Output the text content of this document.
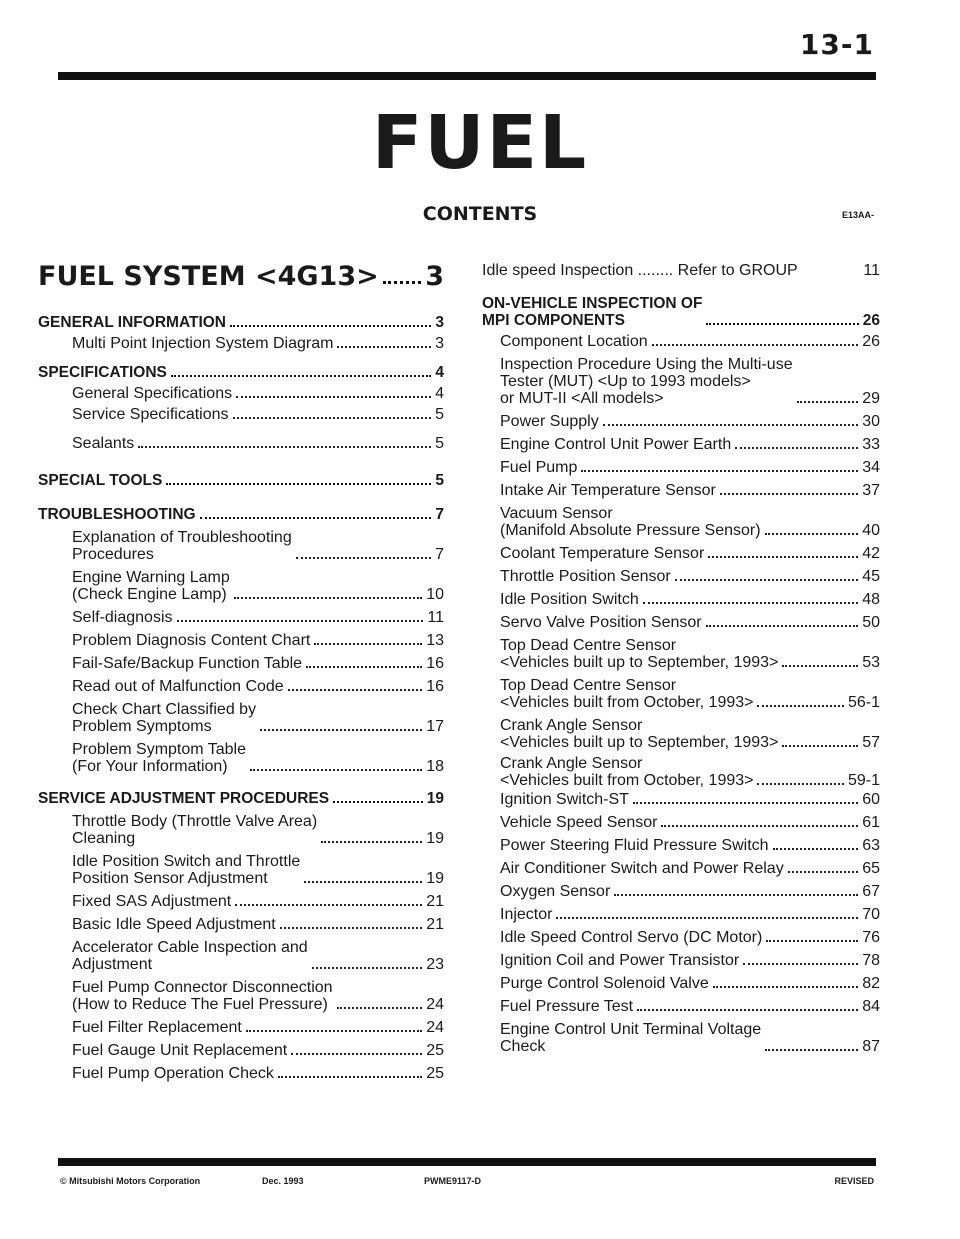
13-1
FUEL
CONTENTS	E13AA-
FUEL SYSTEM <4G13> 3
GENERAL INFORMATION	3
Multi Point Injection System Diagram	3
SPECIFICATIONS	4
General Specifications	4
Service Specifications	5
Sealants	5
SPECIAL TOOLS	5
TROUBLESHOOTING	7
Explanation of Troubleshooting
Procedures	7
Engine Warning Lamp
(Check Engine Lamp)	10
Self-diagnosis	11
Problem Diagnosis Content Chart	13
Fail-Safe/Backup Function Table	16
Read out of Malfunction Code	16
Check Chart Classified by
Problem Symptoms	17
Problem Symptom Table
(For Your Information)	18
SERVICE ADJUSTMENT PROCEDURES	19
Throttle Body (Throttle Valve Area)
Cleaning	19
Idle Position Switch and Throttle
Position Sensor Adjustment	19
Fixed SAS Adjustment	21
Basic Idle Speed Adjustment	21
Accelerator Cable Inspection and
Adjustment	23
Fuel Pump Connector Disconnection
(How to Reduce The Fuel Pressure)	24
Fuel Filter Replacement	24
Fuel Gauge Unit Replacement	25
Fuel Pump Operation Check	25
Idle speed Inspection ........ Refer to GROUP	11
ON-VEHICLE INSPECTION OF
MPI COMPONENTS	26
Component Location	26
Inspection Procedure Using the Multi-use
Tester (MUT) <Up to 1993 models>
or MUT-II <All models>	29
Power Supply	30
Engine Control Unit Power Earth	33
Fuel Pump	34
Intake Air Temperature Sensor	37
Vacuum Sensor
(Manifold Absolute Pressure Sensor)	40
Coolant Temperature Sensor	42
Throttle Position Sensor	45
Idle Position Switch	48
Servo Valve Position Sensor	50
Top Dead Centre Sensor
<Vehicles built up to September, 1993>	53
Top Dead Centre Sensor
<Vehicles built from October, 1993>	56-1
Crank Angle Sensor
<Vehicles built up to September, 1993>	57
Crank Angle Sensor
<Vehicles built from October, 1993>	59-1
Ignition Switch-ST	60
Vehicle Speed Sensor	61
Power Steering Fluid Pressure Switch	63
Air Conditioner Switch and Power Relay	65
Oxygen Sensor	67
Injector	70
Idle Speed Control Servo (DC Motor)	76
Ignition Coil and Power Transistor	78
Purge Control Solenoid Valve	82
Fuel Pressure Test	84
Engine Control Unit Terminal Voltage
Check	87
© Mitsubishi Motors Corporation	Dec. 1993	PWME9117-D	REVISED
